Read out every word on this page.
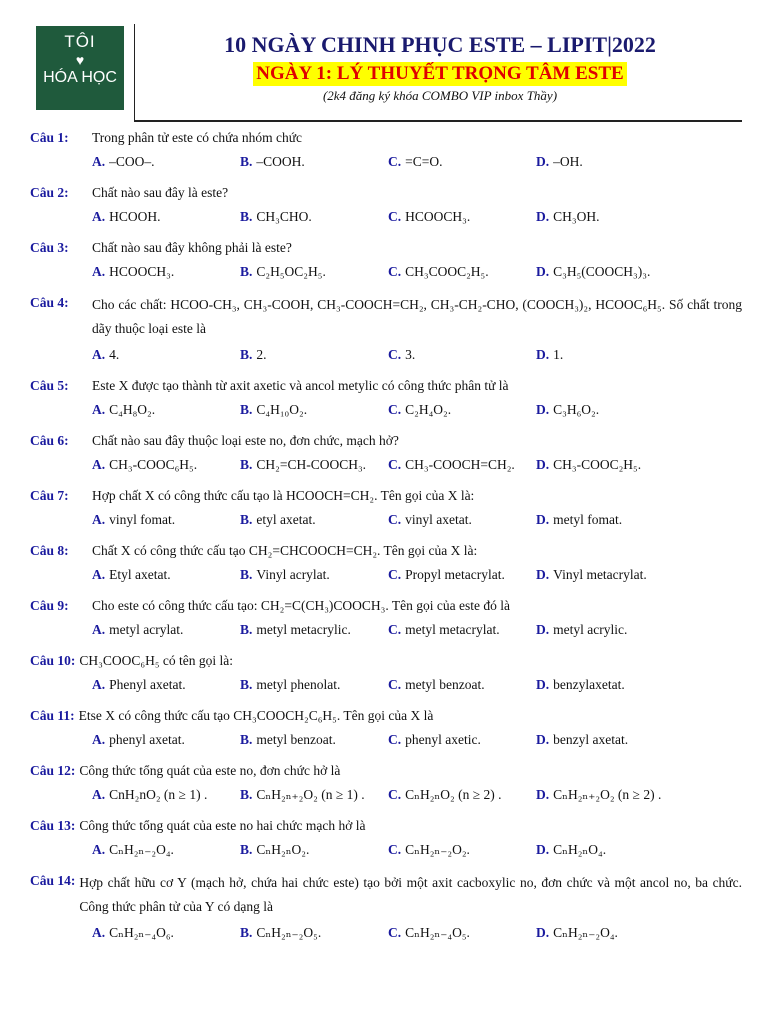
TÔI
♥
HÓA HỌC
10 NGÀY CHINH PHỤC ESTE – LIPIT|2022
NGÀY 1: LÝ THUYẾT TRỌNG TÂM ESTE
(2k4 đăng ký khóa COMBO VIP inbox Thầy)
Câu 1:	Trong phân tử este có chứa nhóm chức
A. –COO–.	B. –COOH.	C. =C=O.	D. –OH.
Câu 2:	Chất nào sau đây là este?
A. HCOOH.	B. CH₃CHO.	C. HCOOCH₃.	D. CH₃OH.
Câu 3:	Chất nào sau đây không phải là este?
A. HCOOCH₃.	B. C₂H₅OC₂H₅.	C. CH₃COOC₂H₅.	D. C₃H₅(COOCH₃)₃.
Câu 4:	Cho các chất: HCOO-CH₃, CH₃-COOH, CH₃-COOCH=CH₂, CH₃-CH₂-CHO, (COOCH₃)₂, HCOOC₆H₅. Số chất trong dãy thuộc loại este là
A. 4.	B. 2.	C. 3.	D. 1.
Câu 5:	Este X được tạo thành từ axit axetic và ancol metylic có công thức phân tử là
A. C₄H₈O₂.	B. C₄H₁₀O₂.	C. C₂H₄O₂.	D. C₃H₆O₂.
Câu 6:	Chất nào sau đây thuộc loại este no, đơn chức, mạch hở?
A. CH₃-COOC₆H₅.	B. CH₂=CH-COOCH₃.	C. CH₃-COOCH=CH₂.	D. CH₃-COOC₂H₅.
Câu 7:	Hợp chất X có công thức cấu tạo là HCOOCH=CH₂. Tên gọi của X là:
A. vinyl fomat.	B. etyl axetat.	C. vinyl axetat.	D. metyl fomat.
Câu 8:	Chất X có công thức cấu tạo CH₂=CHCOOCH=CH₂. Tên gọi của X là:
A. Etyl axetat.	B. Vinyl acrylat.	C. Propyl metacrylat.	D. Vinyl metacrylat.
Câu 9:	Cho este có công thức cấu tạo: CH₂=C(CH₃)COOCH₃. Tên gọi của este đó là
A. metyl acrylat.	B. metyl metacrylic.	C. metyl metacrylat.	D. metyl acrylic.
Câu 10: CH₃COOC₆H₅ có tên gọi là:
A. Phenyl axetat.	B. metyl phenolat.	C. metyl benzoat.	D. benzylaxetat.
Câu 11: Etse X có công thức cấu tạo CH₃COOCH₂C₆H₅. Tên gọi của X là
A. phenyl axetat.	B. metyl benzoat.	C. phenyl axetic.	D. benzyl axetat.
Câu 12: Công thức tổng quát của este no, đơn chức hở là
A. CnH₂nO₂ (n ≥ 1) .	B. CₙH₂ₙ₊₂O₂ (n ≥ 1) .	C. CₙH₂ₙO₂ (n ≥ 2) .	D. CₙH₂ₙ₊₂O₂ (n ≥ 2) .
Câu 13: Công thức tổng quát của este no hai chức mạch hở là
A. CₙH₂ₙ₋₂O₄.	B. CₙH₂ₙO₂.	C. CₙH₂ₙ₋₂O₂.	D. CₙH₂ₙO₄.
Câu 14: Hợp chất hữu cơ Y (mạch hở, chứa hai chức este) tạo bởi một axit cacboxylic no, đơn chức và một ancol no, ba chức. Công thức phân tử của Y có dạng là
A. CₙH₂ₙ₋₄O₆.	B. CₙH₂ₙ₋₂O₅.	C. CₙH₂ₙ₋₄O₅.	D. CₙH₂ₙ₋₂O₄.
